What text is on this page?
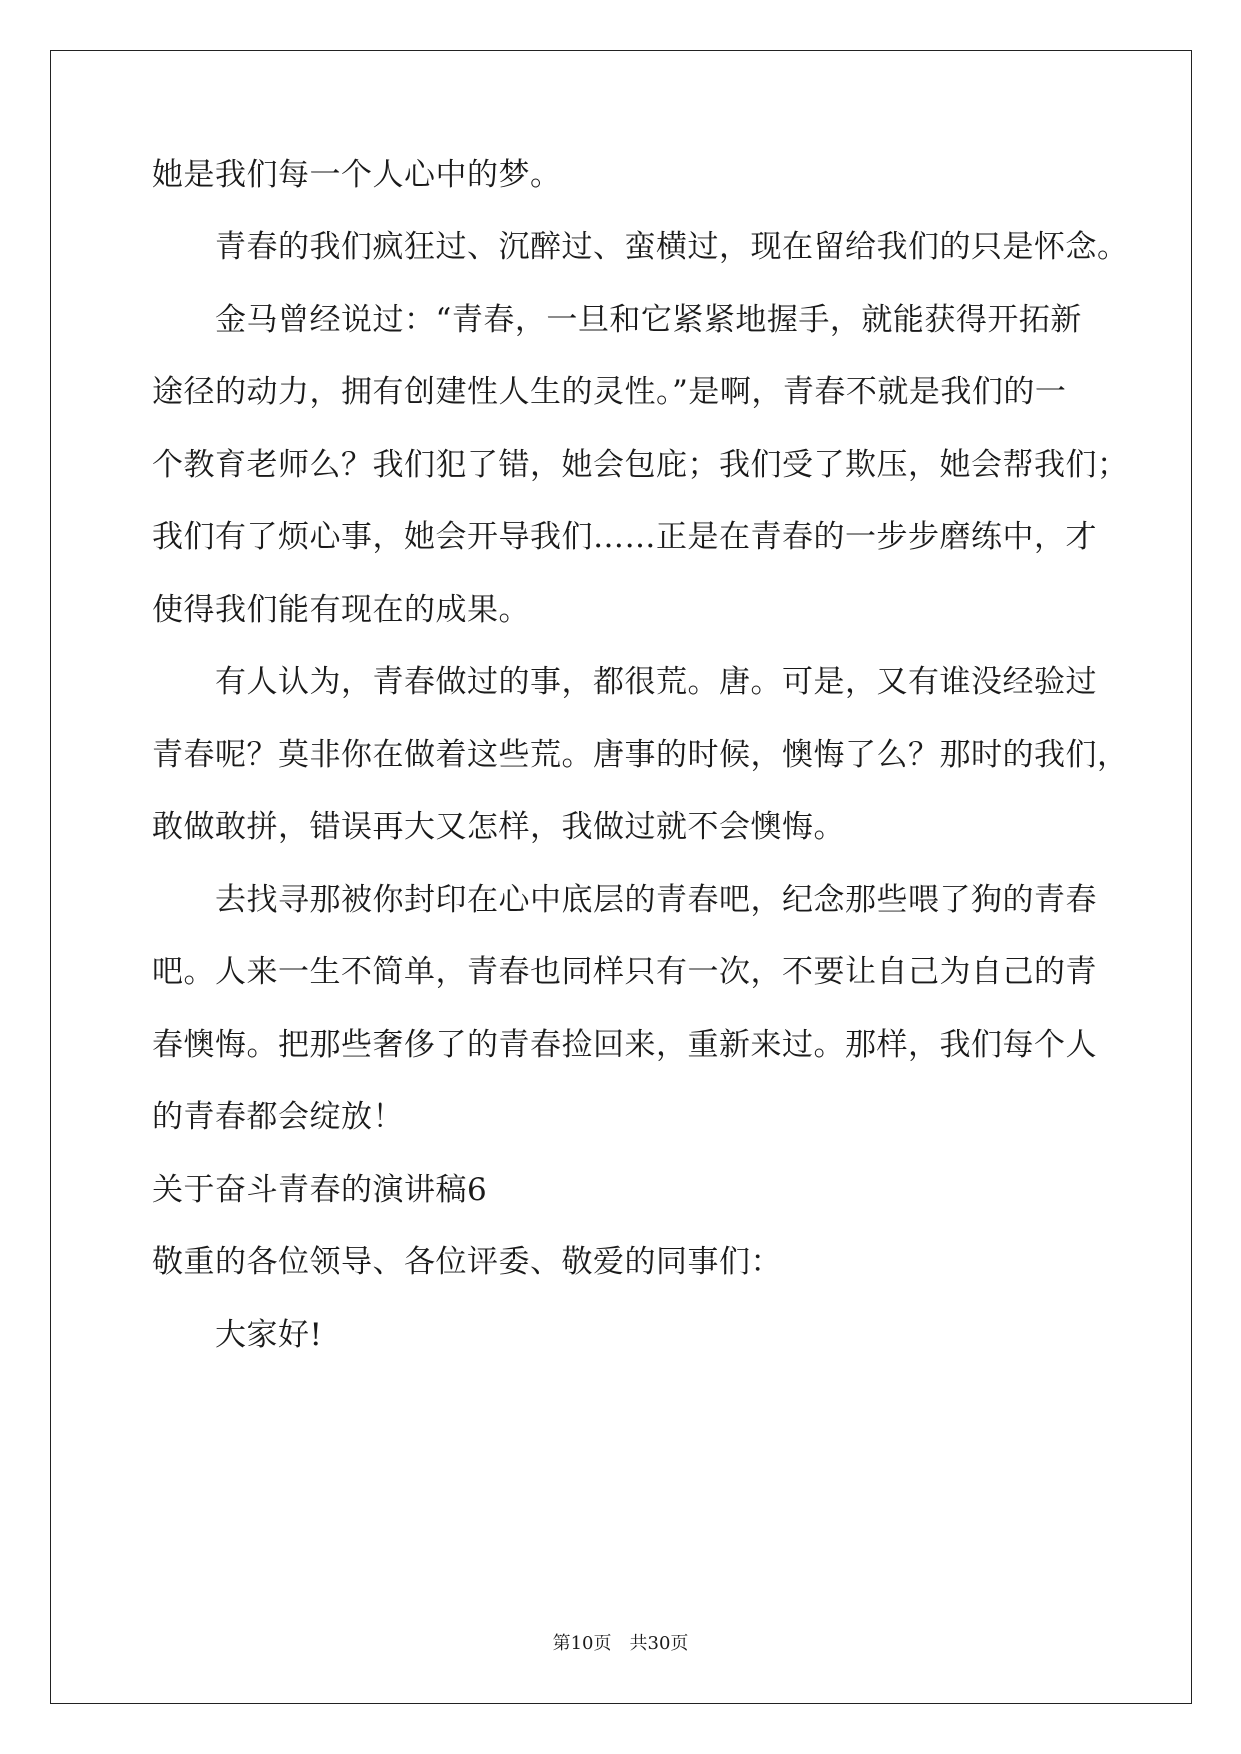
她是我们每一个人心中的梦。
青春的我们疯狂过、沉醉过、蛮横过，现在留给我们的只是怀念。
金马曾经说过：“青春，一旦和它紧紧地握手，就能获得开拓新
途径的动力，拥有创建性人生的灵性。”是啊，青春不就是我们的一
个教育老师么？我们犯了错，她会包庇；我们受了欺压，她会帮我们；
我们有了烦心事，她会开导我们……正是在青春的一步步磨练中，才
使得我们能有现在的成果。
有人认为，青春做过的事，都很荒。唐。可是，又有谁没经验过
青春呢？莫非你在做着这些荒。唐事的时候，懊悔了么？那时的我们，
敢做敢拼，错误再大又怎样，我做过就不会懊悔。
去找寻那被你封印在心中底层的青春吧，纪念那些喂了狗的青春
吧。人来一生不简单，青春也同样只有一次，不要让自己为自己的青
春懊悔。把那些奢侈了的青春捡回来，重新来过。那样，我们每个人
的青春都会绽放！
关于奋斗青春的演讲稿6
敬重的各位领导、各位评委、敬爱的同事们：
大家好!
第10页　共30页
